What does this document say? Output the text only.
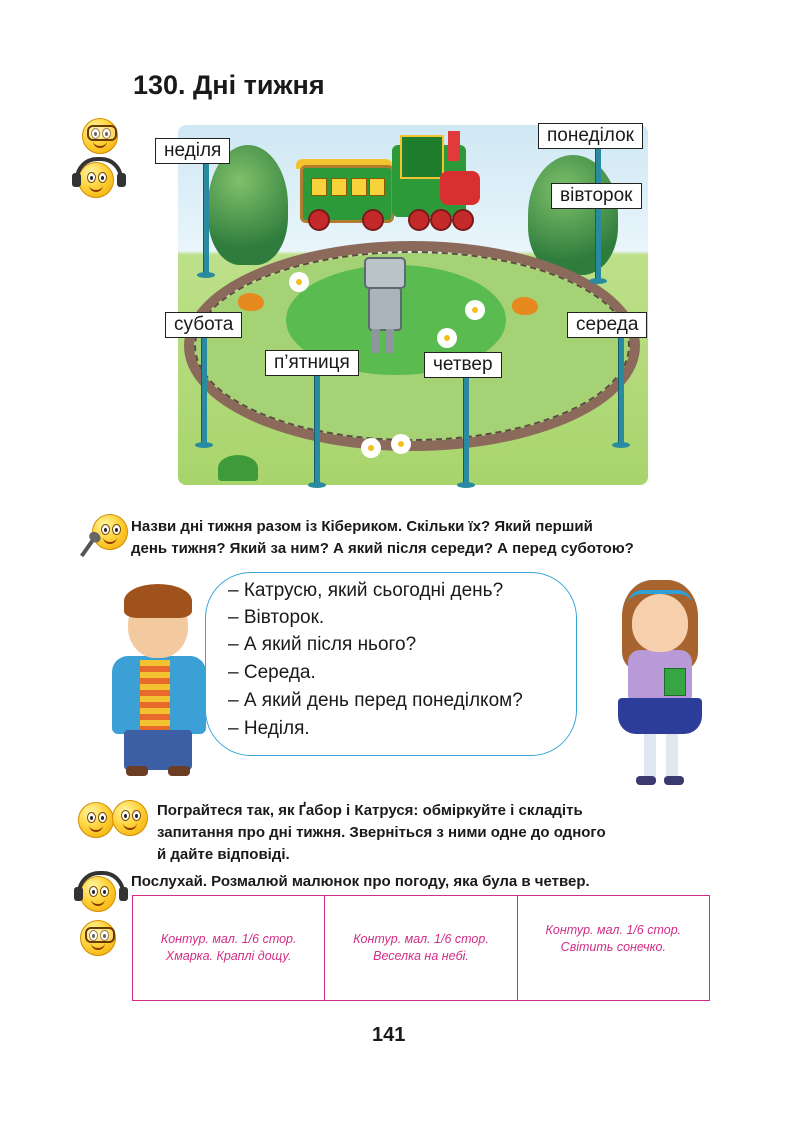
130. Дні тижня
неділя
понеділок
вівторок
середа
четвер
п’ятниця
субота
Назви дні тижня разом із Кібериком. Скільки їх? Який перший
день тижня? Який за ним? А який після середи? А перед суботою?
– Катрусю, який сьогодні день?
– Вівторок.
– А який після нього?
– Середа.
– А який день перед понеділком?
– Неділя.
Пограйтеся так, як Ґабор і Катруся: обміркуйте і складіть
запитання про дні тижня. Зверніться з ними одне до одного
й дайте відповіді.
Послухай. Розмалюй малюнок про погоду, яка була в четвер.
Контур. мал. 1/6 стор.
Хмарка. Краплі дощу.
Контур. мал. 1/6 стор.
Веселка на небі.
Контур. мал. 1/6 стор.
Світить сонечко.
141
